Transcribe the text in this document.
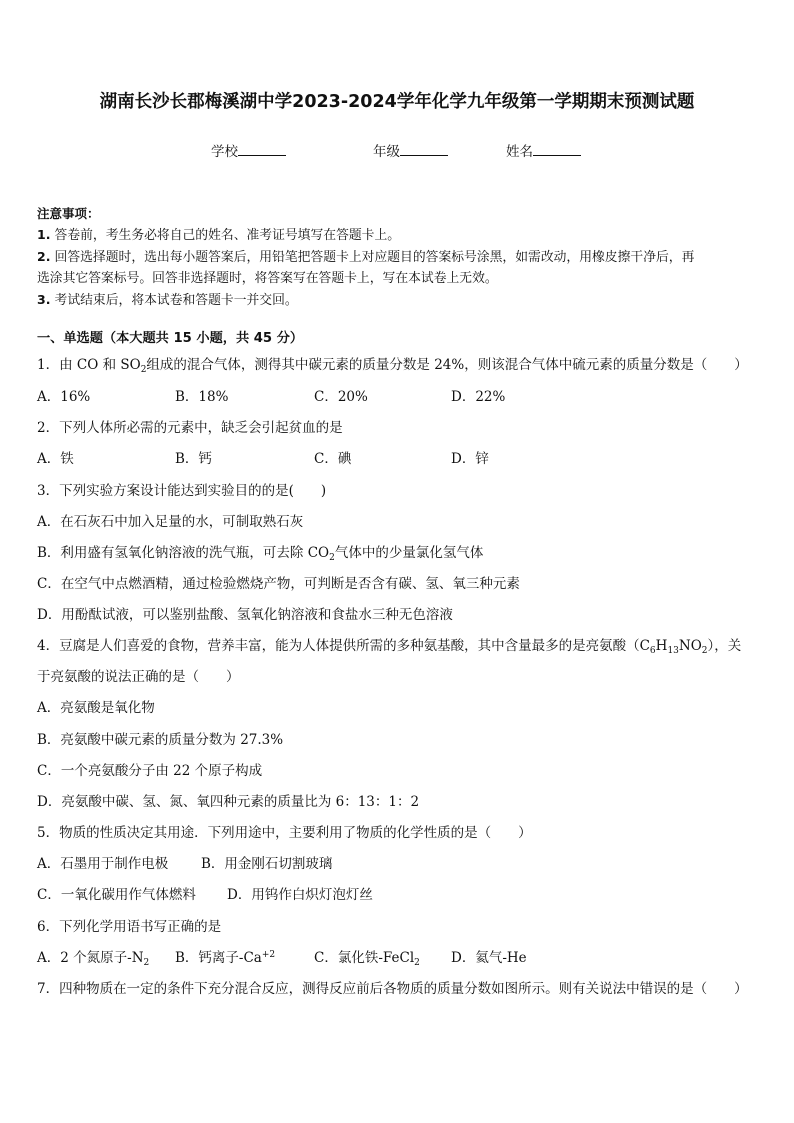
湖南长沙长郡梅溪湖中学2023-2024学年化学九年级第一学期期末预测试题
学校	年级	姓名
注意事项：
1. 答卷前，考生务必将自己的姓名、准考证号填写在答题卡上。
2. 回答选择题时，选出每小题答案后，用铅笔把答题卡上对应题目的答案标号涂黑，如需改动，用橡皮擦干净后，再
选涂其它答案标号。回答非选择题时，将答案写在答题卡上，写在本试卷上无效。
3. 考试结束后，将本试卷和答题卡一并交回。
一、单选题（本大题共 15 小题，共 45 分）
1．由 CO 和 $SO_2$组成的混合气体，测得其中碳元素的质量分数是 24%，则该混合气体中硫元素的质量分数是（　　）
A．16%	B．18%	C．20%	D．22%
2．下列人体所必需的元素中，缺乏会引起贫血的是
A．铁	B．钙	C．碘	D．锌
3．下列实验方案设计能达到实验目的的是(　　)
A．在石灰石中加入足量的水，可制取熟石灰
B．利用盛有氢氧化钠溶液的洗气瓶，可去除 $CO_2$气体中的少量氯化氢气体
C．在空气中点燃酒精，通过检验燃烧产物，可判断是否含有碳、氢、氧三种元素
D．用酚酞试液，可以鉴别盐酸、氢氧化钠溶液和食盐水三种无色溶液
4．豆腐是人们喜爱的食物，营养丰富，能为人体提供所需的多种氨基酸，其中含量最多的是亮氨酸$(C_6H_{13}NO_2)$，关
于亮氨酸的说法正确的是（　　）
A．亮氨酸是氧化物
B．亮氨酸中碳元素的质量分数为 27.3%
C．一个亮氨酸分子由 22 个原子构成
D．亮氨酸中碳、氢、氮、氧四种元素的质量比为 6：13：1：2
5．物质的性质决定其用途．下列用途中，主要利用了物质的化学性质的是（　　）
A．石墨用于制作电极 B．用金刚石切割玻璃
C．一氧化碳用作气体燃料 D．用钨作白炽灯泡灯丝
6．下列化学用语书写正确的是
A．2 个氮原子$-N_2$ B．钙离子$-Ca^{+2}$	C．氯化铁-FeCl$_2$ D．氦气-He
7．四种物质在一定的条件下充分混合反应，测得反应前后各物质的质量分数如图所示。则有关说法中错误的是（　　）
